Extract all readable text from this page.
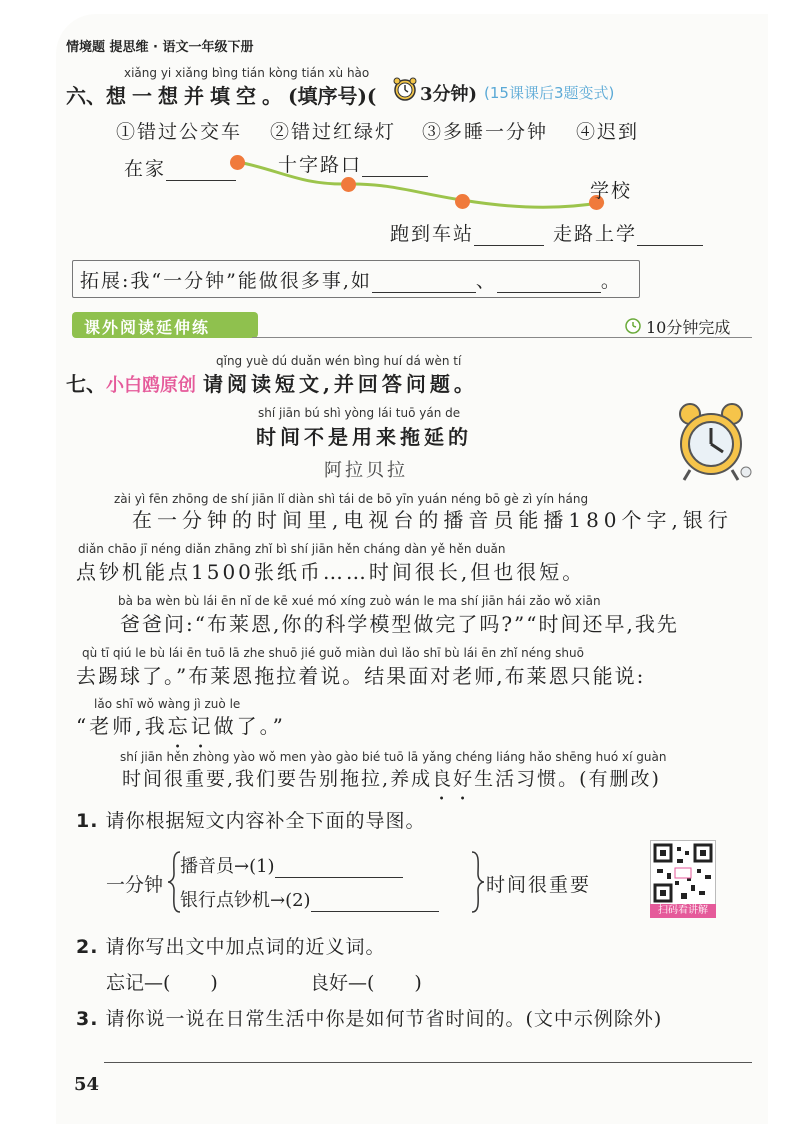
情境题 提思维 · 语文一年级下册
xiǎng yi xiǎng bìng tián kòng tián xù hào
六、想一想并填空。(填序号)( 3分钟) (15课课后3题变式)
①错过公交车 ②错过红绿灯 ③多睡一分钟 ④迟到
在家	十字路口
学校
跑到车站	走路上学
拓展:我“一分钟”能做很多事,如	、	。
课外阅读延伸练	10分钟完成
qǐng yuè dú duǎn wén bìng huí dá wèn tí
七、小白鸥原创 请阅读短文,并回答问题。
shí jiān bú shì yòng lái tuō yán de
时间不是用来拖延的
阿拉贝拉
zài yì fēn zhōng de shí jiān lǐ diàn shì tái de bō yīn yuán néng bō gè zì yín háng
　　在一分钟的时间里,电视台的播音员能播180个字,银行
diǎn chāo jī néng diǎn zhāng zhǐ bì shí jiān hěn cháng dàn yě hěn duǎn
点钞机能点1500张纸币……时间很长,但也很短。
bà ba wèn bù lái ēn nǐ de kē xué mó xíng zuò wán le ma shí jiān hái zǎo wǒ xiān
　　爸爸问:“布莱恩,你的科学模型做完了吗?”“时间还早,我先
qù tī qiú le bù lái ēn tuō lā zhe shuō jié guǒ miàn duì lǎo shī bù lái ēn zhǐ néng shuō
去踢球了。”布莱恩拖拉着说。结果面对老师,布莱恩只能说:
lǎo shī wǒ wàng jì zuò le
“老师,我忘记做了。”
shí jiān hěn zhòng yào wǒ men yào gào bié tuō lā yǎng chéng liáng hǎo shēng huó xí guàn
　　时间很重要,我们要告别拖拉,养成良好生活习惯。(有删改)
1. 请你根据短文内容补全下面的导图。
一分钟
播音员→(1)
银行点钞机→(2)
时间很重要
扫码看讲解
2. 请你写出文中加点词的近义词。
忘记—( )	良好—( )
3. 请你说一说在日常生活中你是如何节省时间的。(文中示例除外)
54
